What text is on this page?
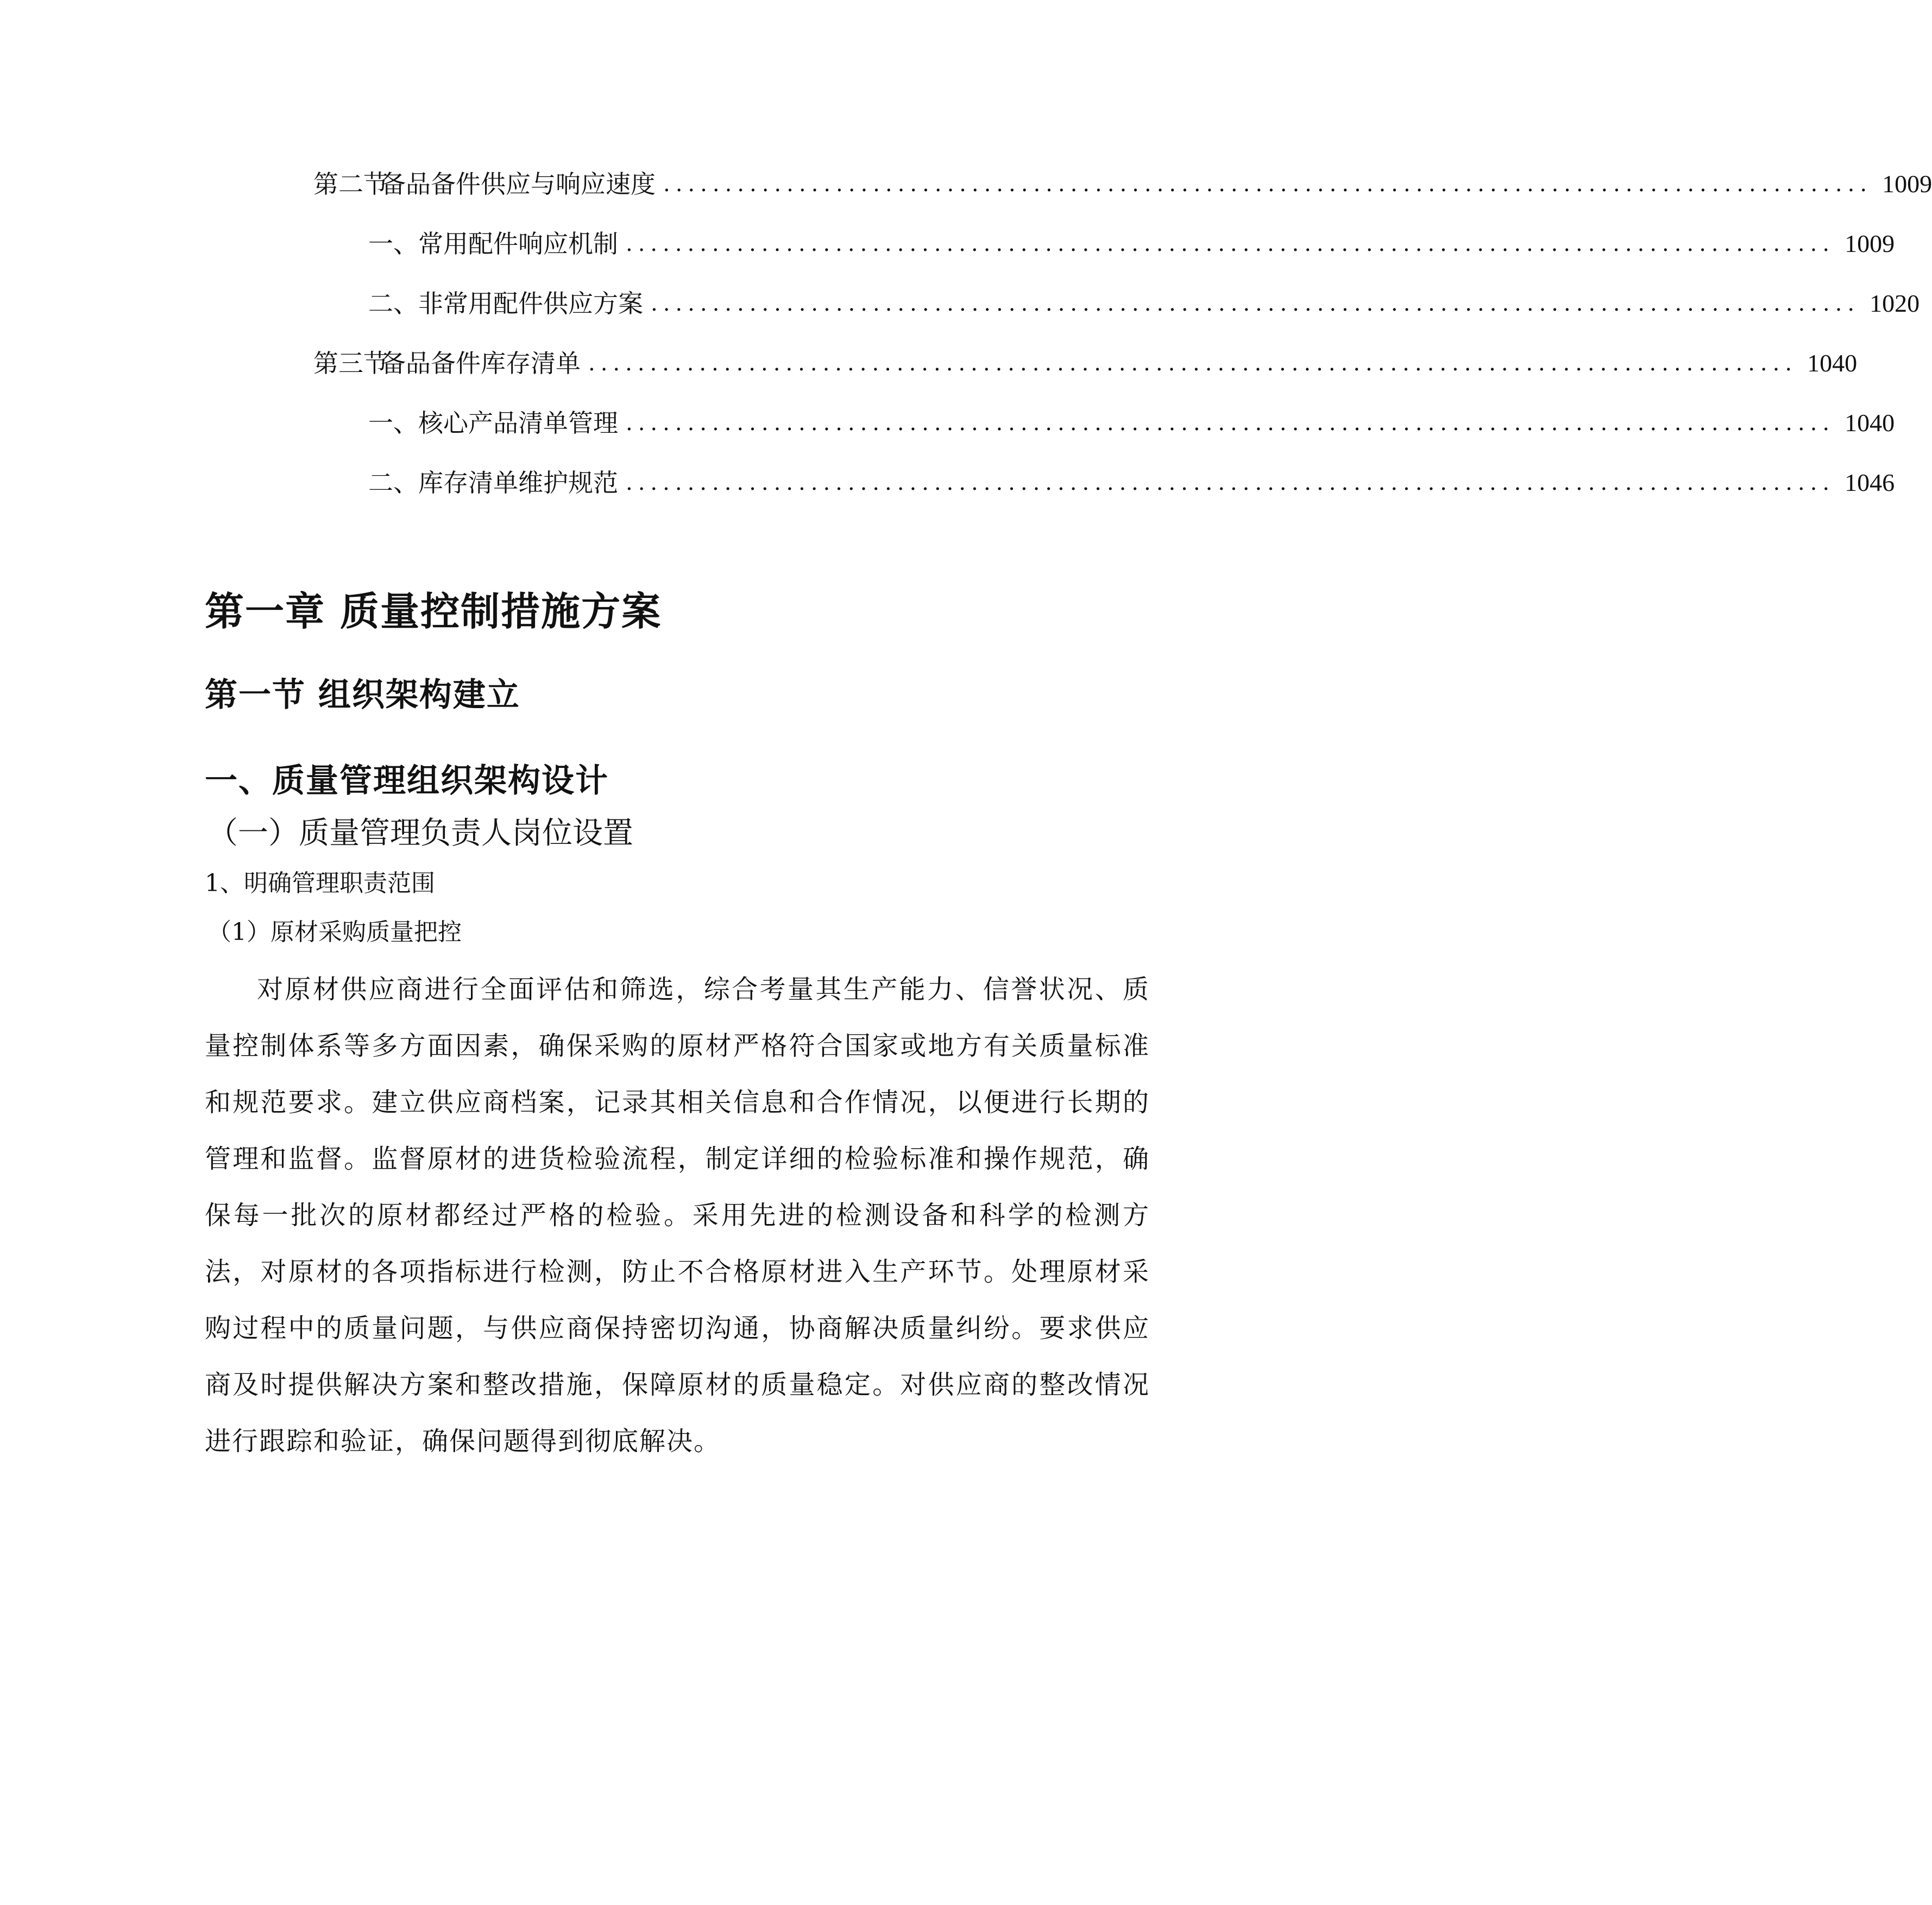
第二节
备品备件供应与响应速度 .................................................................................................. 1009
一、 常用配件响应机制 .................................................................................................. 1009
二、 非常用配件供应方案 .................................................................................................. 1020
第三节
备品备件库存清单 .................................................................................................. 1040
一、 核心产品清单管理 .................................................................................................. 1040
二、 库存清单维护规范 .................................................................................................. 1046
第一章 质量控制措施方案
第一节 组织架构建立
一、质量管理组织架构设计
（一）质量管理负责人岗位设置
1、明确管理职责范围
（1）原材采购质量把控
对原材供应商进行全面评估和筛选，综合考量其生产能力、信誉状况、质量控制体系等多方面因素，确保采购的原材严格符合国家或地方有关质量标准和规范要求。建立供应商档案，记录其相关信息和合作情况，以便进行长期的管理和监督。监督原材的进货检验流程，制定详细的检验标准和操作规范，确保每一批次的原材都经过严格的检验。采用先进的检测设备和科学的检测方法，对原材的各项指标进行检测，防止不合格原材进入生产环节。处理原材采购过程中的质量问题，与供应商保持密切沟通，协商解决质量纠纷。要求供应商及时提供解决方案和整改措施，保障原材的质量稳定。对供应商的整改情况进行跟踪和验证，确保问题得到彻底解决。
